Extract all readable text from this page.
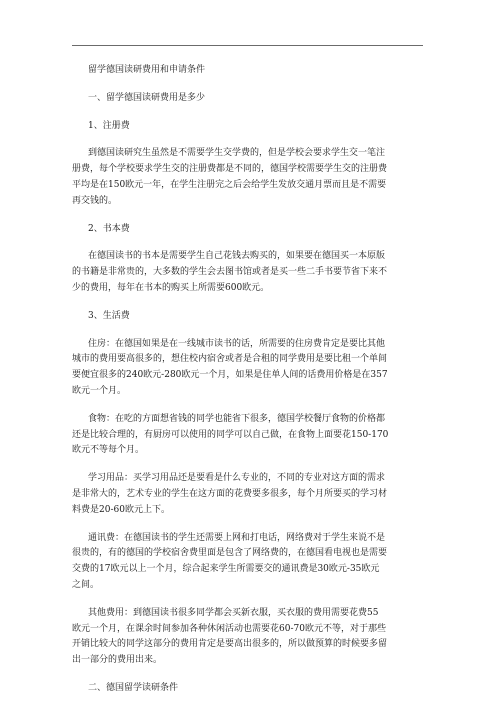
留学德国读研费用和申请条件

一、留学德国读研费用是多少

1、注册费

到德国读研究生虽然是不需要学生交学费的，但是学校会要求学生交一笔注
册费，每个学校要求学生交的注册费都是不同的，德国学校需要学生交的注册费
平均是在150欧元一年，在学生注册完之后会给学生发放交通月票而且是不需要
再交钱的。

2、书本费

在德国读书的书本是需要学生自己花钱去购买的，如果要在德国买一本原版
的书籍是非常贵的，大多数的学生会去图书馆或者是买一些二手书要节省下来不
少的费用，每年在书本的购买上所需要600欧元。

3、生活费

住房：在德国如果是在一线城市读书的话，所需要的住房费肯定是要比其他
城市的费用要高很多的，想住校内宿舍或者是合租的同学费用是要比租一个单间
要便宜很多的240欧元-280欧元一个月，如果是住单人间的话费用价格是在357
欧元一个月。
食物：在吃的方面想省钱的同学也能省下很多，德国学校餐厅食物的价格都
还是比较合理的，有厨房可以使用的同学可以自己做，在食物上面要花150-170
欧元不等每个月。
学习用品：买学习用品还是要看是什么专业的，不同的专业对这方面的需求
是非常大的，艺术专业的学生在这方面的花费要多很多，每个月所要买的学习材
料费是20-60欧元上下。
通讯费：在德国读书的学生还需要上网和打电话，网络费对于学生来说不是
很贵的，有的德国的学校宿舍费里面是包含了网络费的，在德国看电视也是需要
交费的17欧元以上一个月，综合起来学生所需要交的通讯费是30欧元-35欧元
之间。
其他费用：到德国读书很多同学都会买新衣服，买衣服的费用需要花费55
欧元一个月，在课余时间参加各种休闲活动也需要花60-70欧元不等，对于那些
开销比较大的同学这部分的费用肯定是要高出很多的，所以做预算的时候要多留
出一部分的费用出来。

二、德国留学读研条件
